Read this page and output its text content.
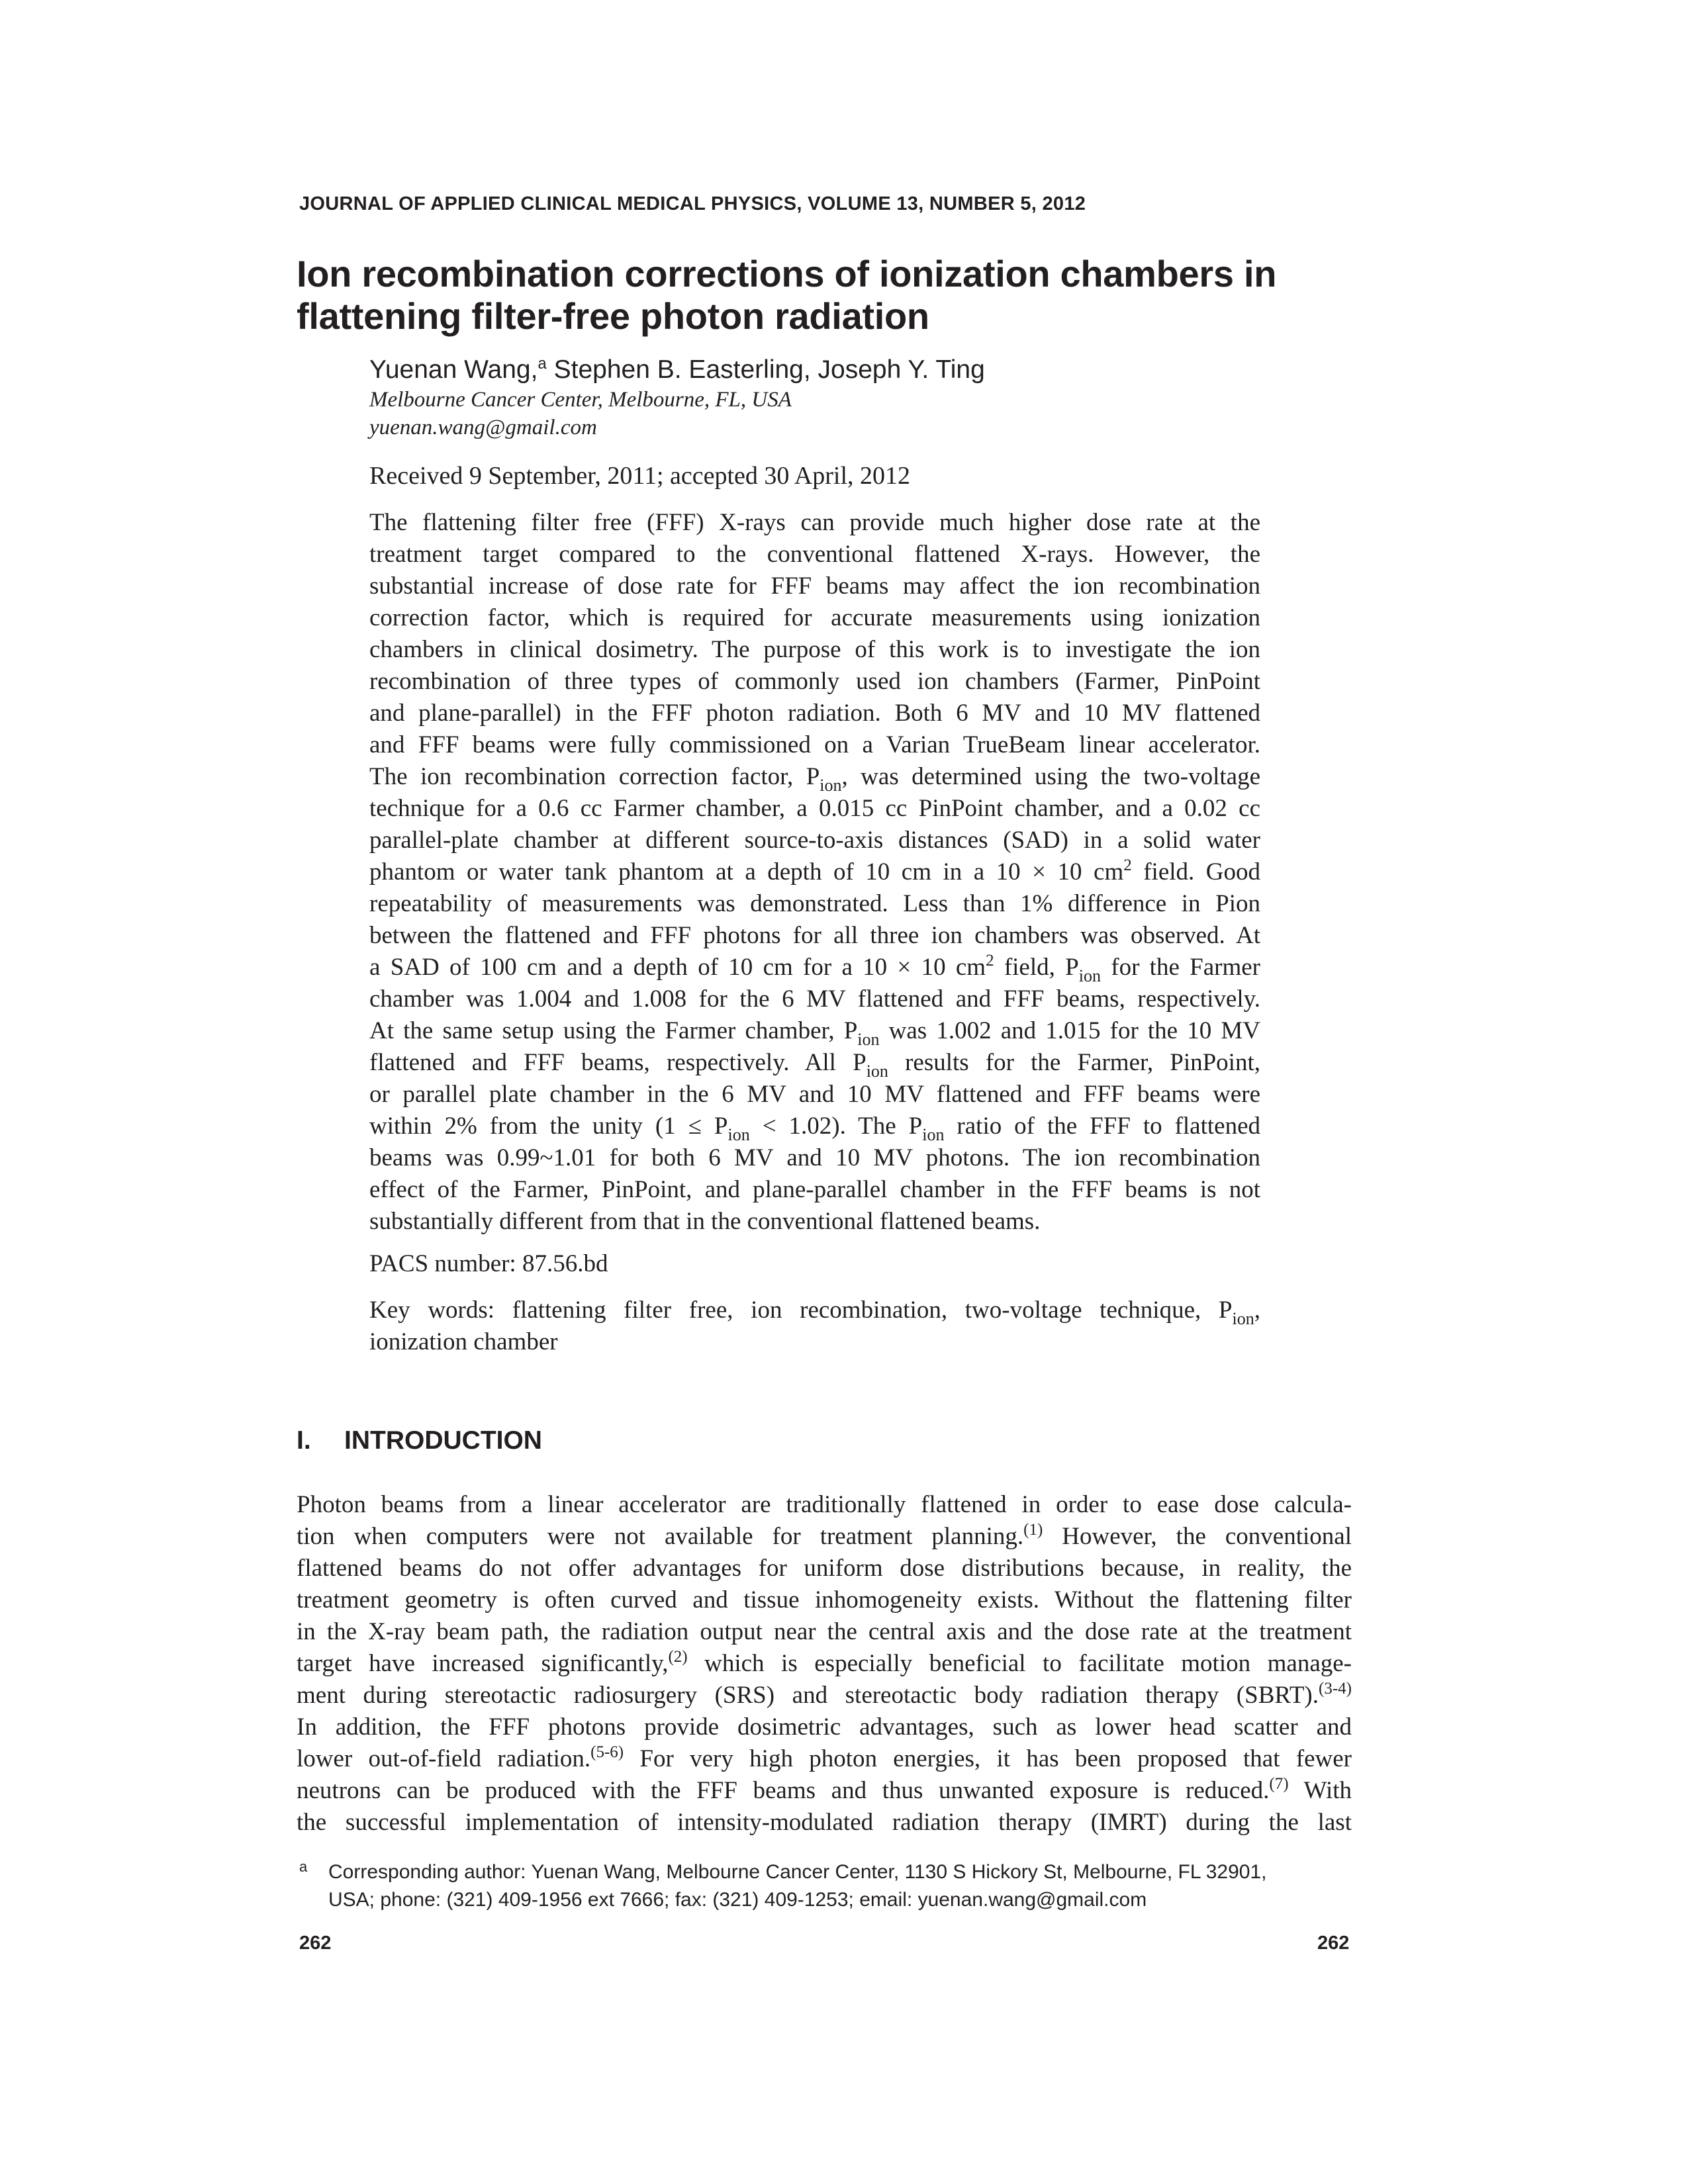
JOURNAL OF APPLIED CLINICAL MEDICAL PHYSICS, VOLUME 13, NUMBER 5, 2012
Ion recombination corrections of ionization chambers in
flattening filter-free photon radiation
Yuenan Wang,$^a$ Stephen B. Easterling, Joseph Y. Ting
Melbourne Cancer Center, Melbourne, FL, USA
yuenan.wang@gmail.com
Received 9 September, 2011; accepted 30 April, 2012
The flattening filter free (FFF) X-rays can provide much higher dose rate at the
treatment target compared to the conventional flattened X-rays. However, the
substantial increase of dose rate for FFF beams may affect the ion recombination
correction factor, which is required for accurate measurements using ionization
chambers in clinical dosimetry. The purpose of this work is to investigate the ion
recombination of three types of commonly used ion chambers (Farmer, PinPoint
and plane-parallel) in the FFF photon radiation. Both 6 MV and 10 MV flattened
and FFF beams were fully commissioned on a Varian TrueBeam linear accelerator.
The ion recombination correction factor, $P_{ion}$, was determined using the two-voltage
technique for a 0.6 cc Farmer chamber, a 0.015 cc PinPoint chamber, and a 0.02 cc
parallel-plate chamber at different source-to-axis distances (SAD) in a solid water
phantom or water tank phantom at a depth of 10 cm in a 10 × 10 $cm^2$ field. Good
repeatability of measurements was demonstrated. Less than 1% difference in Pion
between the flattened and FFF photons for all three ion chambers was observed. At
a SAD of 100 cm and a depth of 10 cm for a 10 × 10 $cm^2$ field, $P_{ion}$ for the Farmer
chamber was 1.004 and 1.008 for the 6 MV flattened and FFF beams, respectively.
At the same setup using the Farmer chamber, $P_{ion}$ was 1.002 and 1.015 for the 10 MV
flattened and FFF beams, respectively. All $P_{ion}$ results for the Farmer, PinPoint,
or parallel plate chamber in the 6 MV and 10 MV flattened and FFF beams were
within 2% from the unity $(1 \le P_{ion} < 1.02)$. The $P_{ion}$ ratio of the FFF to flattened
beams was 0.99~1.01 for both 6 MV and 10 MV photons. The ion recombination
effect of the Farmer, PinPoint, and plane-parallel chamber in the FFF beams is not
substantially different from that in the conventional flattened beams.
PACS number: 87.56.bd
Key words: flattening filter free, ion recombination, two-voltage technique, $P_{ion}$,
ionization chamber
I. INTRODUCTION
Photon beams from a linear accelerator are traditionally flattened in order to ease dose calcula-
tion when computers were not available for treatment planning.$^{(1)}$ However, the conventional
flattened beams do not offer advantages for uniform dose distributions because, in reality, the
treatment geometry is often curved and tissue inhomogeneity exists. Without the flattening filter
in the X-ray beam path, the radiation output near the central axis and the dose rate at the treatment
target have increased significantly,$^{(2)}$ which is especially beneficial to facilitate motion manage-
ment during stereotactic radiosurgery (SRS) and stereotactic body radiation therapy (SBRT).$^{(3-4)}$
In addition, the FFF photons provide dosimetric advantages, such as lower head scatter and
lower out-of-field radiation.$^{(5-6)}$ For very high photon energies, it has been proposed that fewer
neutrons can be produced with the FFF beams and thus unwanted exposure is reduced.$^{(7)}$ With
the successful implementation of intensity-modulated radiation therapy (IMRT) during the last
a Corresponding author: Yuenan Wang, Melbourne Cancer Center, 1130 S Hickory St, Melbourne, FL 32901,
USA; phone: (321) 409-1956 ext 7666; fax: (321) 409-1253; email: yuenan.wang@gmail.com
262	262
